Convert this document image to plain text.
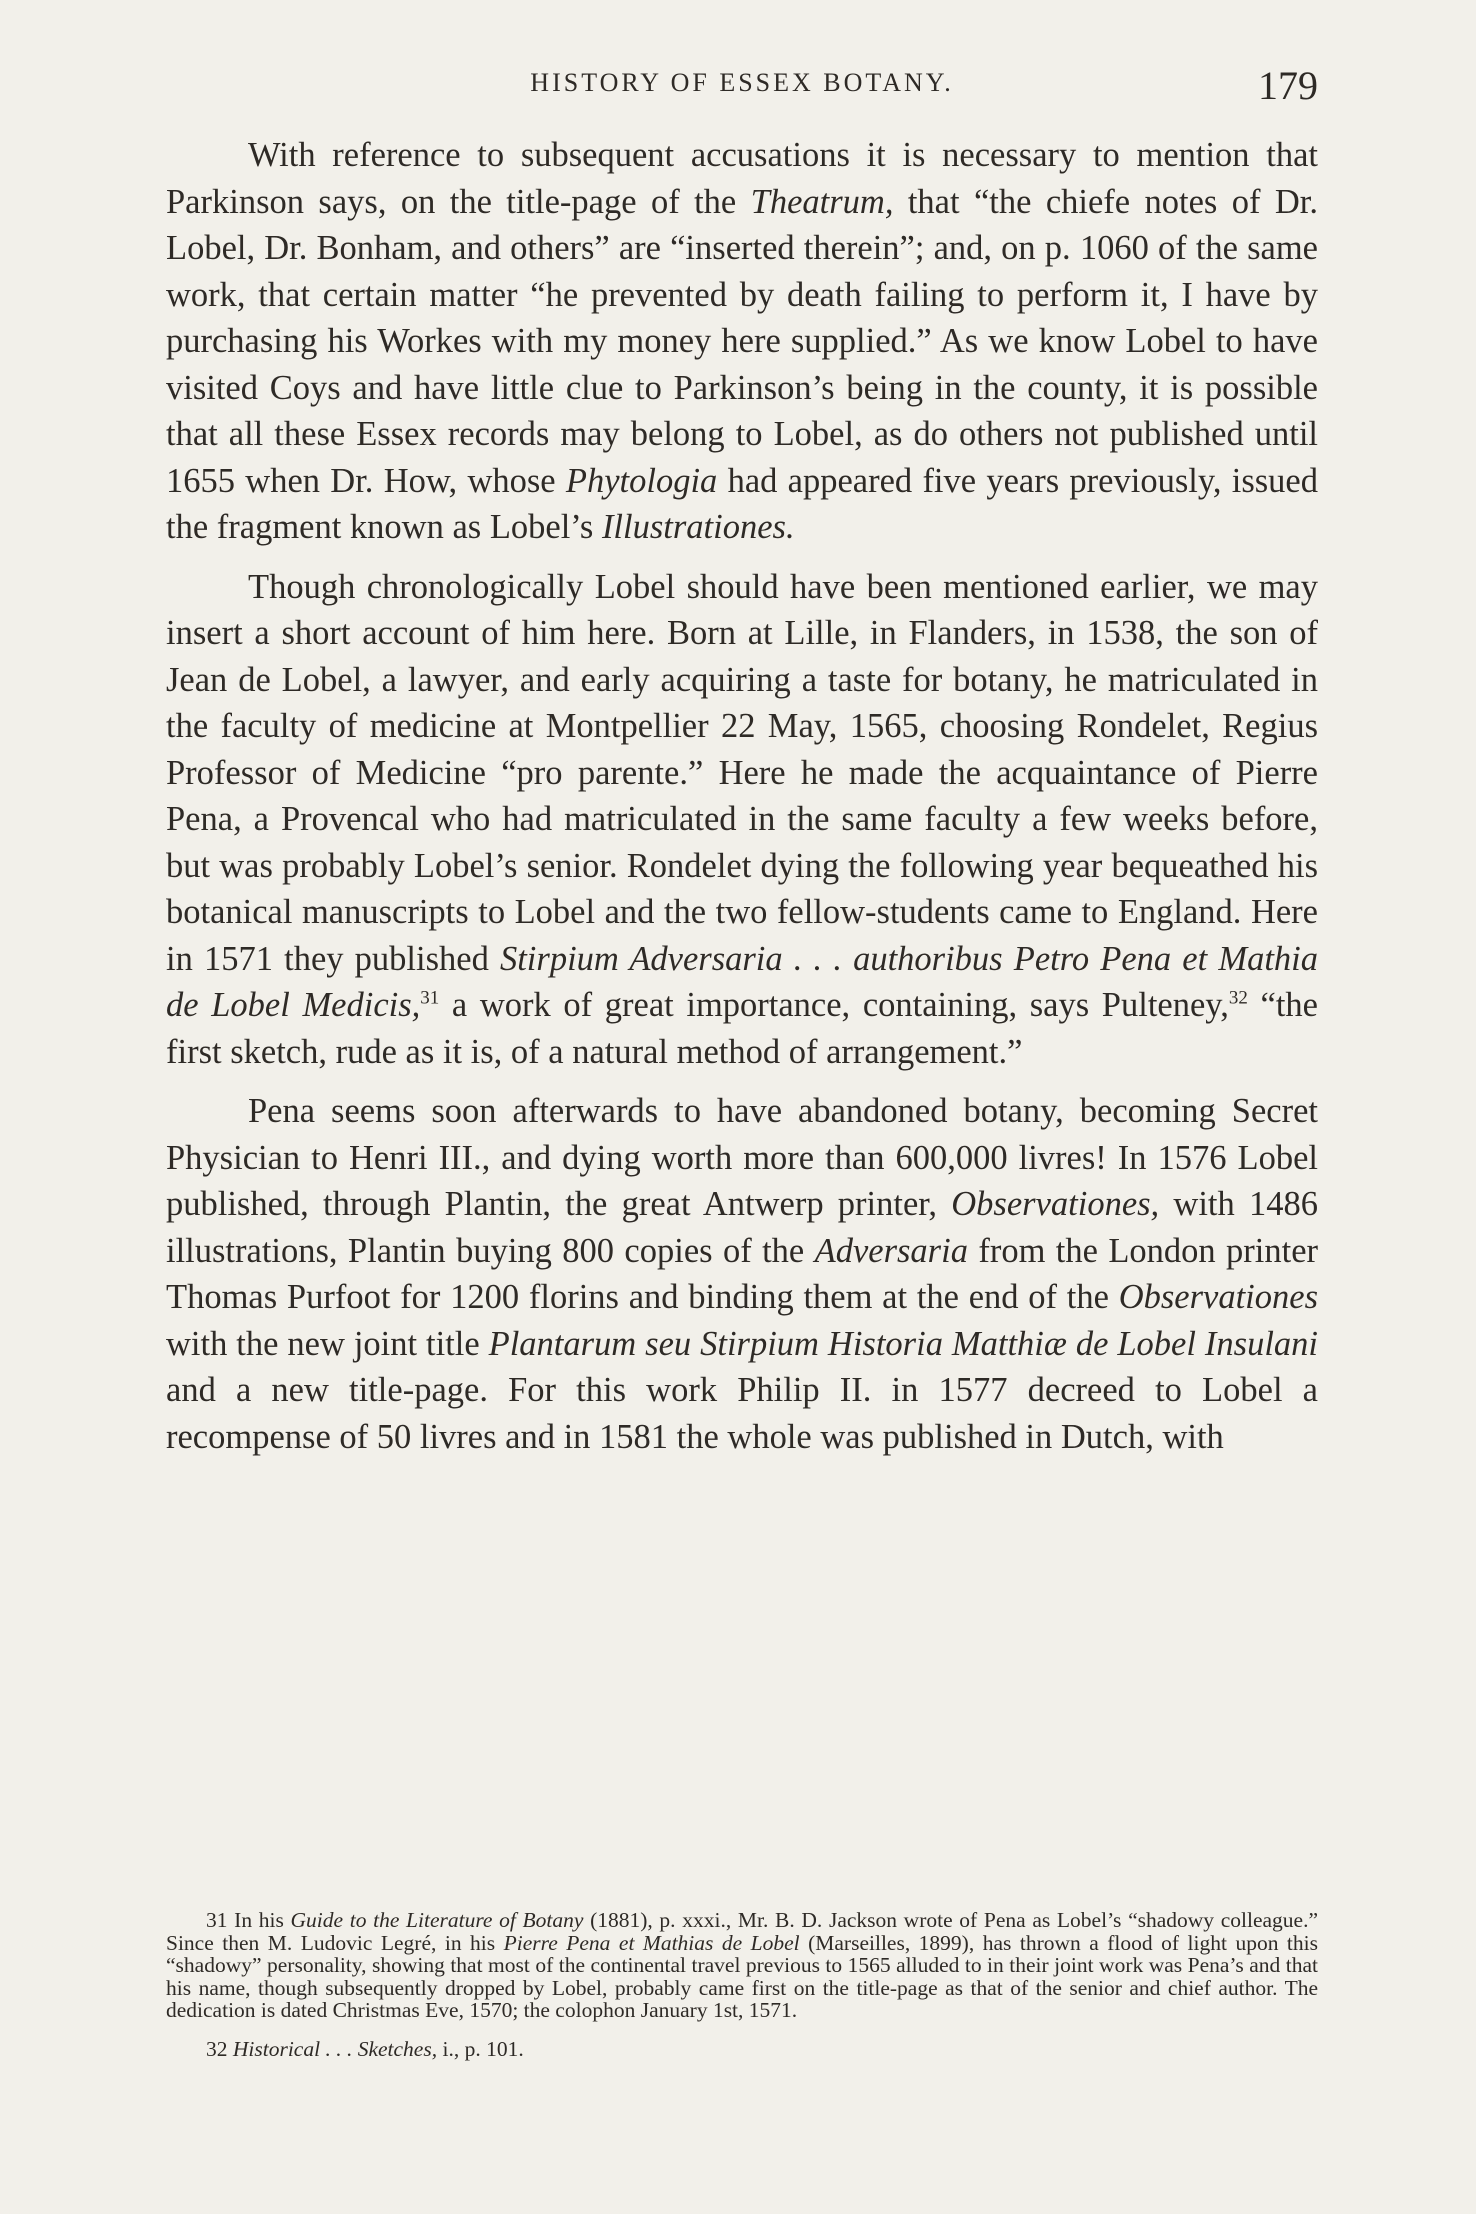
HISTORY OF ESSEX BOTANY.	179

With reference to subsequent accusations it is necessary to mention that Parkinson says, on the title-page of the Theatrum, that “the chiefe notes of Dr. Lobel, Dr. Bonham, and others” are “inserted therein”; and, on p. 1060 of the same work, that certain matter “he prevented by death failing to perform it, I have by purchasing his Workes with my money here supplied.” As we know Lobel to have visited Coys and have little clue to Parkinson’s being in the county, it is possible that all these Essex records may belong to Lobel, as do others not published until 1655 when Dr. How, whose Phytologia had appeared five years previously, issued the fragment known as Lobel’s Illustrationes.

Though chronologically Lobel should have been mentioned earlier, we may insert a short account of him here. Born at Lille, in Flanders, in 1538, the son of Jean de Lobel, a lawyer, and early acquiring a taste for botany, he matriculated in the faculty of medicine at Montpellier 22 May, 1565, choosing Rondelet, Regius Professor of Medicine “pro parente.” Here he made the acquaintance of Pierre Pena, a Provencal who had matriculated in the same faculty a few weeks before, but was probably Lobel’s senior. Rondelet dying the following year bequeathed his botanical manuscripts to Lobel and the two fellow-students came to England. Here in 1571 they published Stirpium Adversaria . . . authoribus Petro Pena et Mathia de Lobel Medicis,$^{31}$ a work of great importance, containing, says Pulteney,$^{32}$ “the first sketch, rude as it is, of a natural method of arrangement.”

Pena seems soon afterwards to have abandoned botany, becoming Secret Physician to Henri III., and dying worth more than 600,000 livres! In 1576 Lobel published, through Plantin, the great Antwerp printer, Observationes, with 1486 illustrations, Plantin buying 800 copies of the Adversaria from the London printer Thomas Purfoot for 1200 florins and binding them at the end of the Observationes with the new joint title Plantarum seu Stirpium Historia Matthiæ de Lobel Insulani and a new title-page. For this work Philip II. in 1577 decreed to Lobel a recompense of 50 livres and in 1581 the whole was published in Dutch, with

31 In his Guide to the Literature of Botany (1881), p. xxxi., Mr. B. D. Jackson wrote of Pena as Lobel’s “shadowy colleague.” Since then M. Ludovic Legré, in his Pierre Pena et Mathias de Lobel (Marseilles, 1899), has thrown a flood of light upon this “shadowy” personality, showing that most of the continental travel previous to 1565 alluded to in their joint work was Pena’s and that his name, though subsequently dropped by Lobel, probably came first on the title-page as that of the senior and chief author. The dedication is dated Christmas Eve, 1570; the colophon January 1st, 1571.

32 Historical . . . Sketches, i., p. 101.
